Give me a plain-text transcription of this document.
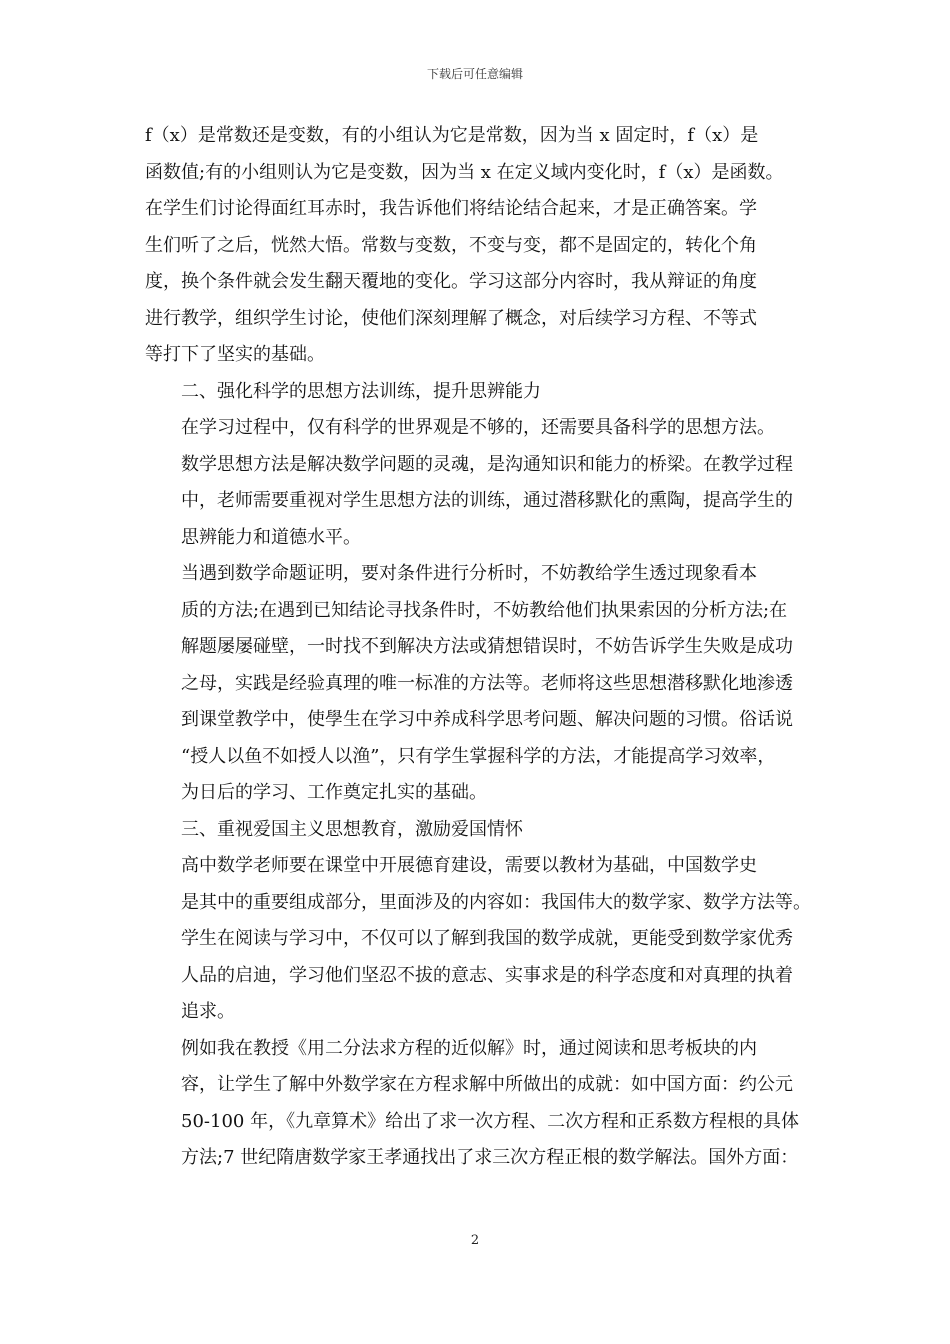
下载后可任意编辑
f（x）是常数还是变数，有的小组认为它是常数，因为当 x 固定时，f（x）是
函数值;有的小组则认为它是变数，因为当 x 在定义域内变化时，f（x）是函数。
在学生们讨论得面红耳赤时，我告诉他们将结论结合起来，才是正确答案。学
生们听了之后，恍然大悟。常数与变数，不变与变，都不是固定的，转化个角
度，换个条件就会发生翻天覆地的变化。学习这部分内容时，我从辩证的角度
进行教学，组织学生讨论，使他们深刻理解了概念，对后续学习方程、不等式
等打下了坚实的基础。
二、强化科学的思想方法训练，提升思辨能力
在学习过程中，仅有科学的世界观是不够的，还需要具备科学的思想方法。
数学思想方法是解决数学问题的灵魂，是沟通知识和能力的桥梁。在教学过程
中，老师需要重视对学生思想方法的训练，通过潜移默化的熏陶，提高学生的
思辨能力和道德水平。
当遇到数学命题证明，要对条件进行分析时，不妨教给学生透过现象看本
质的方法;在遇到已知结论寻找条件时，不妨教给他们执果索因的分析方法;在
解题屡屡碰壁，一时找不到解决方法或猜想错误时，不妨告诉学生失败是成功
之母，实践是经验真理的唯一标准的方法等。老师将这些思想潜移默化地渗透
到课堂教学中，使學生在学习中养成科学思考问题、解决问题的习惯。俗话说
“授人以鱼不如授人以渔”，只有学生掌握科学的方法，才能提高学习效率，
为日后的学习、工作奠定扎实的基础。
三、重视爱国主义思想教育，激励爱国情怀
高中数学老师要在课堂中开展德育建设，需要以教材为基础，中国数学史
是其中的重要组成部分，里面涉及的内容如：我国伟大的数学家、数学方法等。
学生在阅读与学习中，不仅可以了解到我国的数学成就，更能受到数学家优秀
人品的启迪，学习他们坚忍不拔的意志、实事求是的科学态度和对真理的执着
追求。
例如我在教授《用二分法求方程的近似解》时，通过阅读和思考板块的内
容，让学生了解中外数学家在方程求解中所做出的成就：如中国方面：约公元
50-100 年，《九章算术》给出了求一次方程、二次方程和正系数方程根的具体
方法;7 世纪隋唐数学家王孝通找出了求三次方程正根的数学解法。国外方面：
2
